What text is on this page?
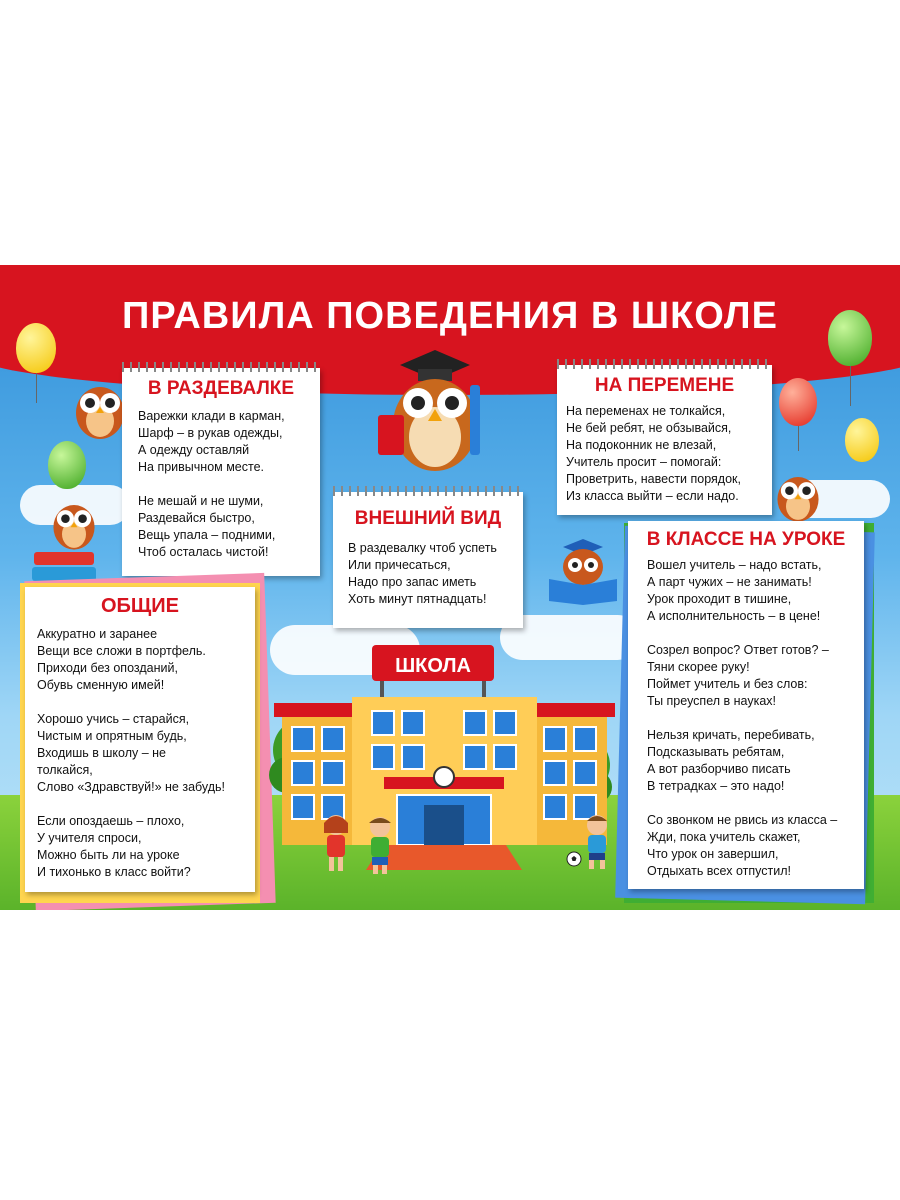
ПРАВИЛА ПОВЕДЕНИЯ В ШКОЛЕ
В РАЗДЕВАЛКЕ
Варежки клади в карман,
Шарф – в рукав одежды,
А одежду оставляй
На привычном месте.

Не мешай и не шуми,
Раздевайся быстро,
Вещь упала – подними,
Чтоб осталась чистой!
ВНЕШНИЙ ВИД
В раздевалку чтоб успеть
Или причесаться,
Надо про запас иметь
Хоть минут пятнадцать!
НА ПЕРЕМЕНЕ
На переменах не толкайся,
Не бей ребят, не обзывайся,
На подоконник не влезай,
Учитель просит – помогай:
Проветрить, навести порядок,
Из класса выйти – если надо.
ОБЩИЕ
Аккуратно и заранее
Вещи все сложи в портфель.
Приходи без опозданий,
Обувь сменную имей!

Хорошо учись – старайся,
Чистым и опрятным будь,
Входишь в школу – не
толкайся,
Слово «Здравствуй!» не забудь!

Если опоздаешь – плохо,
У учителя спроси,
Можно быть ли на уроке
И тихонько в класс войти?
В КЛАССЕ НА УРОКЕ
Вошел учитель – надо встать,
А парт чужих – не занимать!
Урок проходит в тишине,
А исполнительность – в цене!

Созрел вопрос? Ответ готов? –
Тяни скорее руку!
Поймет учитель и без слов:
Ты преуспел в науках!

Нельзя кричать, перебивать,
Подсказывать ребятам,
А вот разборчиво писать
В тетрадках – это надо!

Со звонком не рвись из класса –
Жди, пока учитель скажет,
Что урок он завершил,
Отдыхать всех отпустил!
ШКОЛА
